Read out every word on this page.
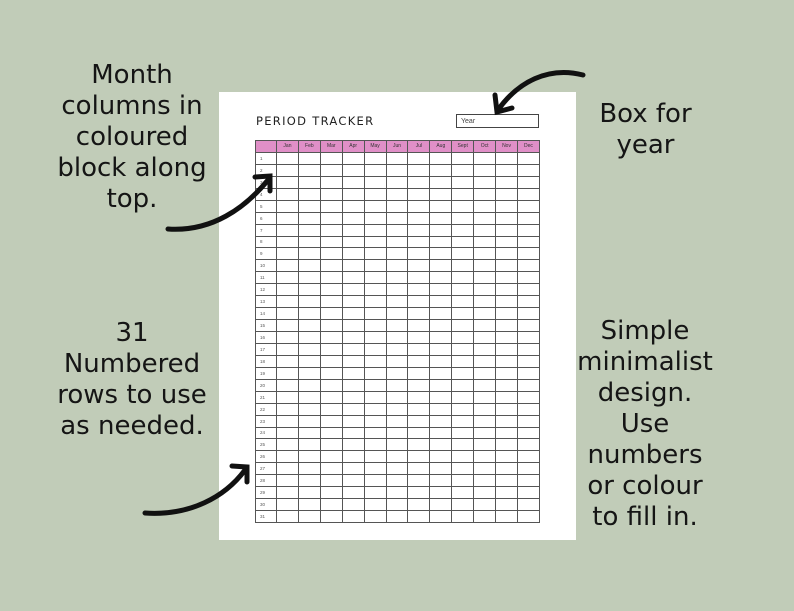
Month
columns in
coloured
block along
top.
Box for
year
31
Numbered
rows to use
as needed.
Simple
minimalist
design.
Use
numbers
or colour
to fill in.
PERIOD TRACKER	Year
	Jan	Feb	Mar	Apr	May	Jun	Jul	Aug	Sept	Oct	Nov	Dec
1												
2												
3												
4												
5												
6												
7												
8												
9												
10												
11												
12												
13												
14												
15												
16												
17												
18												
19												
20												
21												
22												
23												
24												
25												
26												
27												
28												
29												
30												
31												
